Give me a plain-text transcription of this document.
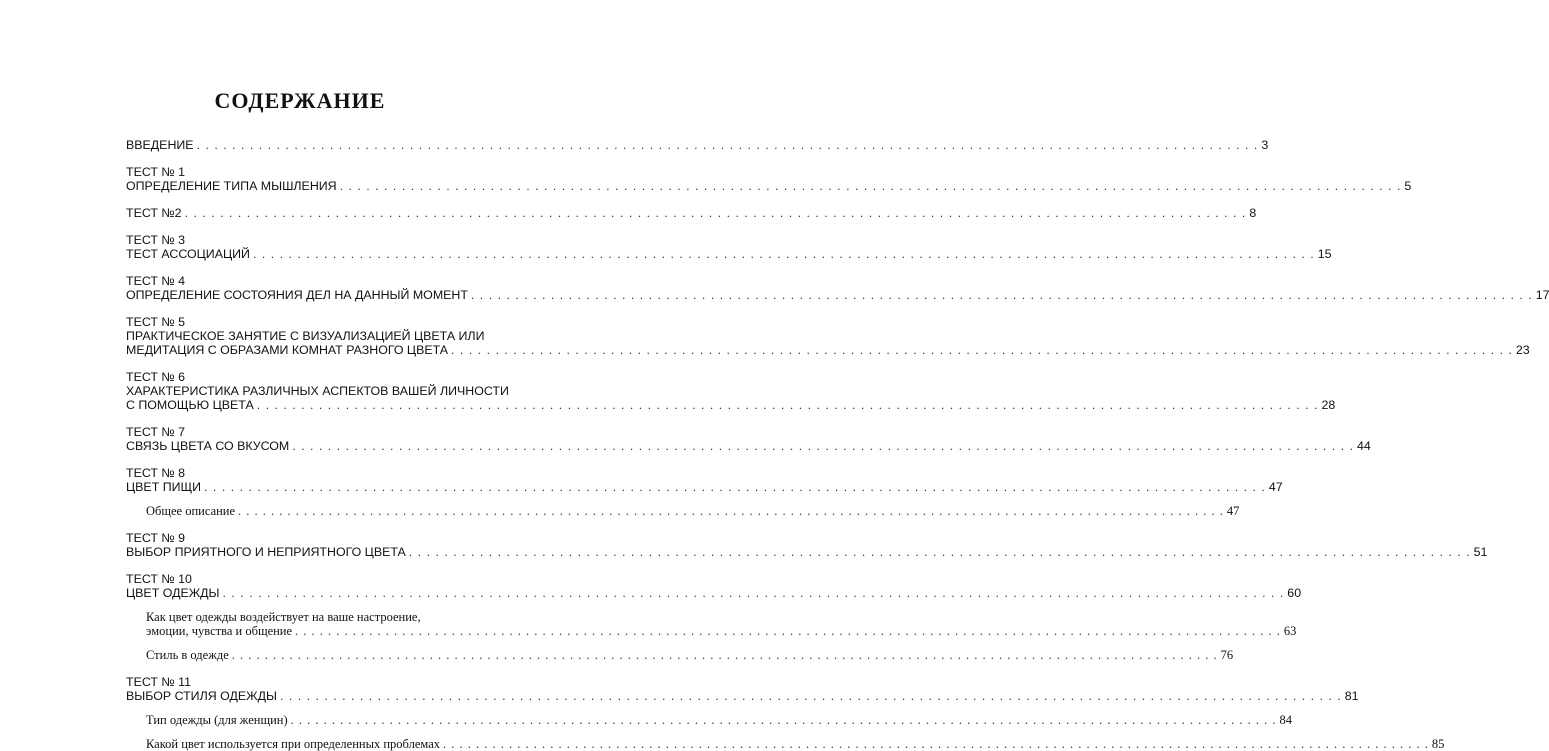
СОДЕРЖАНИЕ
ВВЕДЕНИЕ . . . . . . . . . . . . . . . . . . . . . . . . . . . . . . . . . . . . . . . . . . . . . . . . . . . . . . . . . . . . . . . . . . . . . . . . . . . . . . . . . . . . . . . . . . . . . . . . . . . . . . . . . . . . . . . . . . . . . . . . 3
ТЕСТ № 1
ОПРЕДЕЛЕНИЕ ТИПА МЫШЛЕНИЯ . . . . . . . . . . . . . . . . . . . . . . . . . . . . . . . . . . . . . . . . . . . . . . . . . . . . . . . . . . . . . . . . . . . . . . . . . . . . . . . . . . . . . . . . . . . . . . . . . . . . . . . . . . . . . . . . . . . . . . . . 5
ТЕСТ №2 . . . . . . . . . . . . . . . . . . . . . . . . . . . . . . . . . . . . . . . . . . . . . . . . . . . . . . . . . . . . . . . . . . . . . . . . . . . . . . . . . . . . . . . . . . . . . . . . . . . . . . . . . . . . . . . . . . . . . . . . 8
ТЕСТ № 3
ТЕСТ АССОЦИАЦИЙ . . . . . . . . . . . . . . . . . . . . . . . . . . . . . . . . . . . . . . . . . . . . . . . . . . . . . . . . . . . . . . . . . . . . . . . . . . . . . . . . . . . . . . . . . . . . . . . . . . . . . . . . . . . . . . . . . . . . . . . . 15
ТЕСТ № 4
ОПРЕДЕЛЕНИЕ СОСТОЯНИЯ ДЕЛ НА ДАННЫЙ МОМЕНТ . . . . . . . . . . . . . . . . . . . . . . . . . . . . . . . . . . . . . . . . . . . . . . . . . . . . . . . . . . . . . . . . . . . . . . . . . . . . . . . . . . . . . . . . . . . . . . . . . . . . . . . . . . . . . . . . . . . . . . . . 17
ТЕСТ № 5
ПРАКТИЧЕСКОЕ ЗАНЯТИЕ С ВИЗУАЛИЗАЦИЕЙ ЦВЕТА ИЛИ
МЕДИТАЦИЯ С ОБРАЗАМИ КОМНАТ РАЗНОГО ЦВЕТА . . . . . . . . . . . . . . . . . . . . . . . . . . . . . . . . . . . . . . . . . . . . . . . . . . . . . . . . . . . . . . . . . . . . . . . . . . . . . . . . . . . . . . . . . . . . . . . . . . . . . . . . . . . . . . . . . . . . . . . . 23
ТЕСТ № 6
ХАРАКТЕРИСТИКА РАЗЛИЧНЫХ АСПЕКТОВ ВАШЕЙ ЛИЧНОСТИ
С ПОМОЩЬЮ ЦВЕТА . . . . . . . . . . . . . . . . . . . . . . . . . . . . . . . . . . . . . . . . . . . . . . . . . . . . . . . . . . . . . . . . . . . . . . . . . . . . . . . . . . . . . . . . . . . . . . . . . . . . . . . . . . . . . . . . . . . . . . . . 28
ТЕСТ № 7
СВЯЗЬ ЦВЕТА СО ВКУСОМ . . . . . . . . . . . . . . . . . . . . . . . . . . . . . . . . . . . . . . . . . . . . . . . . . . . . . . . . . . . . . . . . . . . . . . . . . . . . . . . . . . . . . . . . . . . . . . . . . . . . . . . . . . . . . . . . . . . . . . . . 44
ТЕСТ № 8
ЦВЕТ ПИЩИ . . . . . . . . . . . . . . . . . . . . . . . . . . . . . . . . . . . . . . . . . . . . . . . . . . . . . . . . . . . . . . . . . . . . . . . . . . . . . . . . . . . . . . . . . . . . . . . . . . . . . . . . . . . . . . . . . . . . . . . . 47
Общее описание . . . . . . . . . . . . . . . . . . . . . . . . . . . . . . . . . . . . . . . . . . . . . . . . . . . . . . . . . . . . . . . . . . . . . . . . . . . . . . . . . . . . . . . . . . . . . . . . . . . . . . . . . . . . . . . . . . . . . . . . 47
ТЕСТ № 9
ВЫБОР ПРИЯТНОГО И НЕПРИЯТНОГО ЦВЕТА . . . . . . . . . . . . . . . . . . . . . . . . . . . . . . . . . . . . . . . . . . . . . . . . . . . . . . . . . . . . . . . . . . . . . . . . . . . . . . . . . . . . . . . . . . . . . . . . . . . . . . . . . . . . . . . . . . . . . . . . 51
ТЕСТ № 10
ЦВЕТ ОДЕЖДЫ . . . . . . . . . . . . . . . . . . . . . . . . . . . . . . . . . . . . . . . . . . . . . . . . . . . . . . . . . . . . . . . . . . . . . . . . . . . . . . . . . . . . . . . . . . . . . . . . . . . . . . . . . . . . . . . . . . . . . . . . 60
Как цвет одежды воздействует на ваше настроение,
эмоции, чувства и общение . . . . . . . . . . . . . . . . . . . . . . . . . . . . . . . . . . . . . . . . . . . . . . . . . . . . . . . . . . . . . . . . . . . . . . . . . . . . . . . . . . . . . . . . . . . . . . . . . . . . . . . . . . . . . . . . . . . . . . . . 63
Стиль в одежде . . . . . . . . . . . . . . . . . . . . . . . . . . . . . . . . . . . . . . . . . . . . . . . . . . . . . . . . . . . . . . . . . . . . . . . . . . . . . . . . . . . . . . . . . . . . . . . . . . . . . . . . . . . . . . . . . . . . . . . . 76
ТЕСТ № 11
ВЫБОР СТИЛЯ ОДЕЖДЫ . . . . . . . . . . . . . . . . . . . . . . . . . . . . . . . . . . . . . . . . . . . . . . . . . . . . . . . . . . . . . . . . . . . . . . . . . . . . . . . . . . . . . . . . . . . . . . . . . . . . . . . . . . . . . . . . . . . . . . . . 81
Тип одежды (для женщин) . . . . . . . . . . . . . . . . . . . . . . . . . . . . . . . . . . . . . . . . . . . . . . . . . . . . . . . . . . . . . . . . . . . . . . . . . . . . . . . . . . . . . . . . . . . . . . . . . . . . . . . . . . . . . . . . . . . . . . . . 84
Какой цвет используется при определенных проблемах . . . . . . . . . . . . . . . . . . . . . . . . . . . . . . . . . . . . . . . . . . . . . . . . . . . . . . . . . . . . . . . . . . . . . . . . . . . . . . . . . . . . . . . . . . . . . . . . . . . . . . . . . . . . . . . . . . . . . . . . 85
